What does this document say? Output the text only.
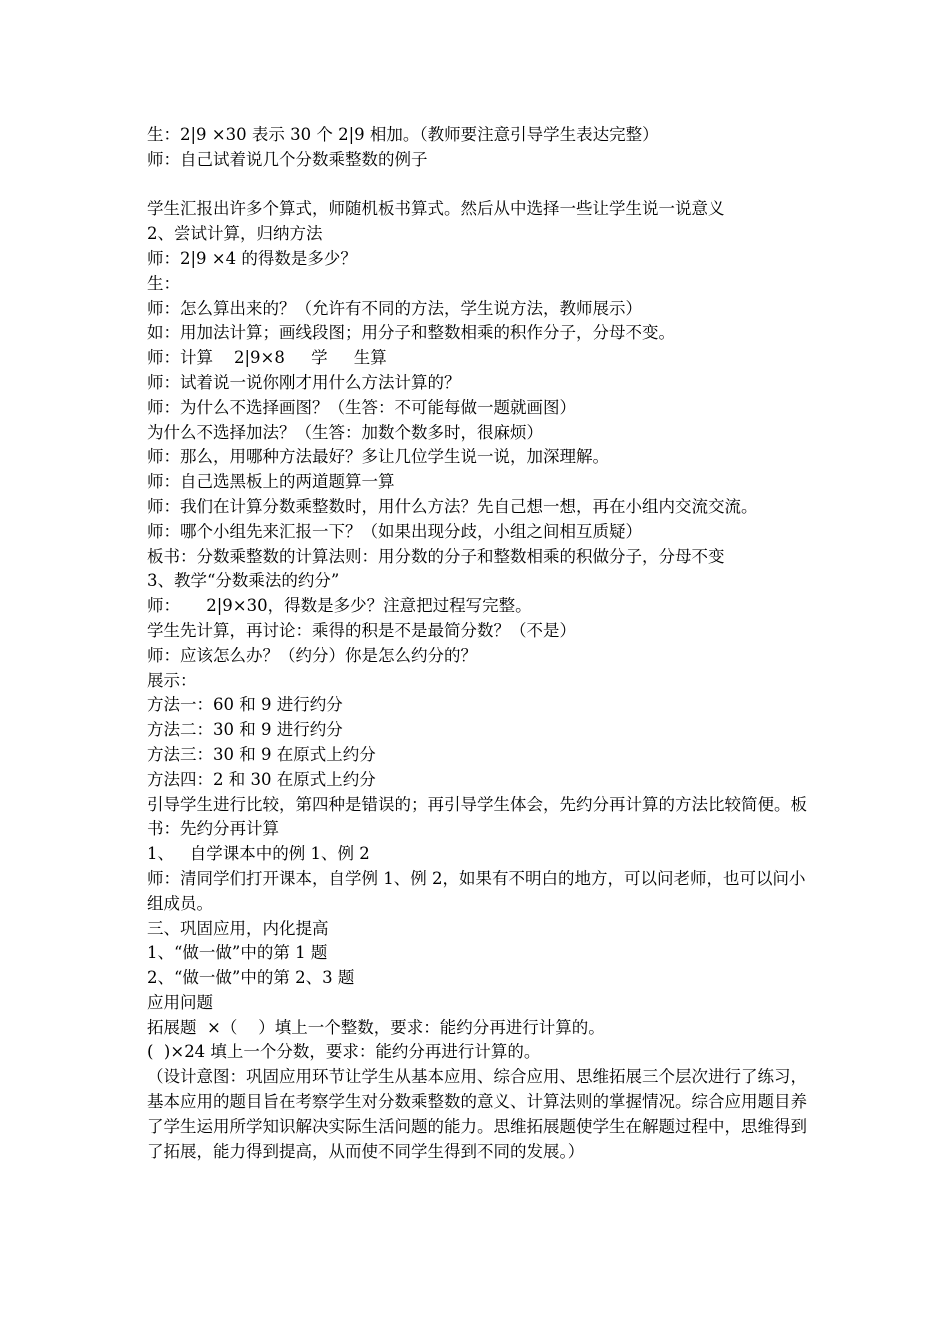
生：2|9 ×30 表示 30 个 2|9 相加。（教师要注意引导学生表达完整）

师：自己试着说几个分数乘整数的例子

学生汇报出许多个算式，师随机板书算式。然后从中选择一些让学生说一说意义

2、尝试计算，归纳方法

师：2|9 ×4 的得数是多少？

生：

师：怎么算出来的？（允许有不同的方法，学生说方法，教师展示）

如：用加法计算；画线段图；用分子和整数相乘的积作分子，分母不变。

师：计算    2|9×8     学     生算

师：试着说一说你刚才用什么方法计算的？

师：为什么不选择画图？（生答：不可能每做一题就画图）

为什么不选择加法？（生答：加数个数多时，很麻烦）

师：那么，用哪种方法最好？多让几位学生说一说，加深理解。

师：自己选黑板上的两道题算一算

师：我们在计算分数乘整数时，用什么方法？先自己想一想，再在小组内交流交流。

师：哪个小组先来汇报一下？（如果出现分歧，小组之间相互质疑）

板书：分数乘整数的计算法则：用分数的分子和整数相乘的积做分子，分母不变

3、教学“分数乘法的约分”

师：     2|9×30，得数是多少？注意把过程写完整。

学生先计算，再讨论：乘得的积是不是最简分数？（不是）

师：应该怎么办？（约分）你是怎么约分的？

展示：

方法一：60 和 9 进行约分

方法二：30 和 9 进行约分

方法三：30 和 9 在原式上约分

方法四：2 和 30 在原式上约分

引导学生进行比较，第四种是错误的；再引导学生体会，先约分再计算的方法比较简便。板书：先约分再计算

1、   自学课本中的例 1、例 2

师：清同学们打开课本，自学例 1、例 2，如果有不明白的地方，可以问老师，也可以问小组成员。

三、巩固应用，内化提高

1、“做一做”中的第 1 题

2、“做一做”中的第 2、3 题

应用问题

拓展题  ×（    ）填上一个整数，要求：能约分再进行计算的。

(  )×24 填上一个分数，要求：能约分再进行计算的。

（设计意图：巩固应用环节让学生从基本应用、综合应用、思维拓展三个层次进行了练习，基本应用的题目旨在考察学生对分数乘整数的意义、计算法则的掌握情况。综合应用题目养了学生运用所学知识解决实际生活问题的能力。思维拓展题使学生在解题过程中，思维得到了拓展，能力得到提高，从而使不同学生得到不同的发展。）
